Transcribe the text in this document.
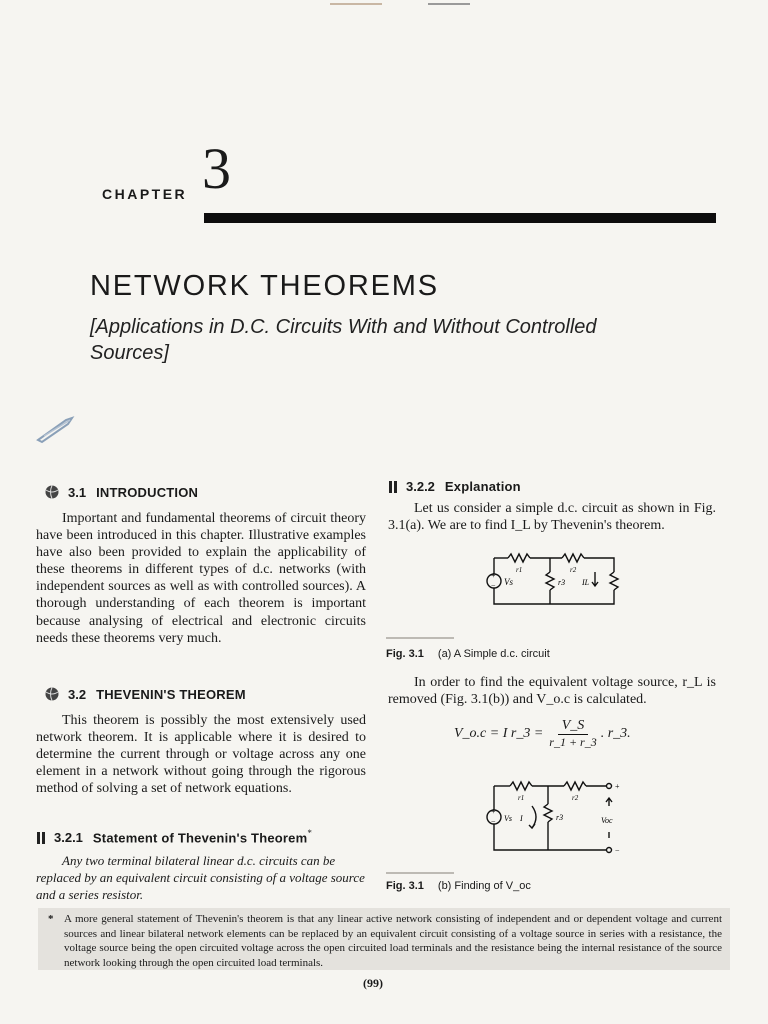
CHAPTER 3
NETWORK THEOREMS
[Applications in D.C. Circuits With and Without Controlled Sources]
3.1 INTRODUCTION
Important and fundamental theorems of circuit theory have been introduced in this chapter. Illustrative examples have also been provided to explain the applicability of these theorems in different types of d.c. networks (with independent sources as well as with controlled sources). A thorough understanding of each theorem is important because analysing of electrical and electronic circuits needs these theorems very much.
3.2 THEVENIN'S THEOREM
This theorem is possibly the most extensively used network theorem. It is applicable where it is desired to determine the current through or voltage across any one element in a network without going through the rigorous method of solving a set of network equations.
3.2.1 Statement of Thevenin's Theorem*
Any two terminal bilateral linear d.c. circuits can be replaced by an equivalent circuit consisting of a voltage source and a series resistor.
3.2.2 Explanation
Let us consider a simple d.c. circuit as shown in Fig. 3.1(a). We are to find I_L by Thevenin's theorem.
+
− Vs
r1	r2
r3 IL
Fig. 3.1 (a) A Simple d.c. circuit
In order to find the equivalent voltage source, r_L is removed (Fig. 3.1(b)) and V_o.c is calculated.
V_o.c = I r_3 = $\frac{V\_S}{r\_1 + r\_3}$ . r_3.
+
− Vs I
r1	r2
r3	Voc
+
−
Fig. 3.1 (b) Finding of V_oc
* A more general statement of Thevenin's theorem is that any linear active network consisting of independent and or dependent voltage and current sources and linear bilateral network elements can be replaced by an equivalent circuit consisting of a voltage source in series with a resistance, the voltage source being the open circuited voltage across the open circuited load terminals and the resistance being the internal resistance of the source network looking through the open circuited load terminals.
(99)
